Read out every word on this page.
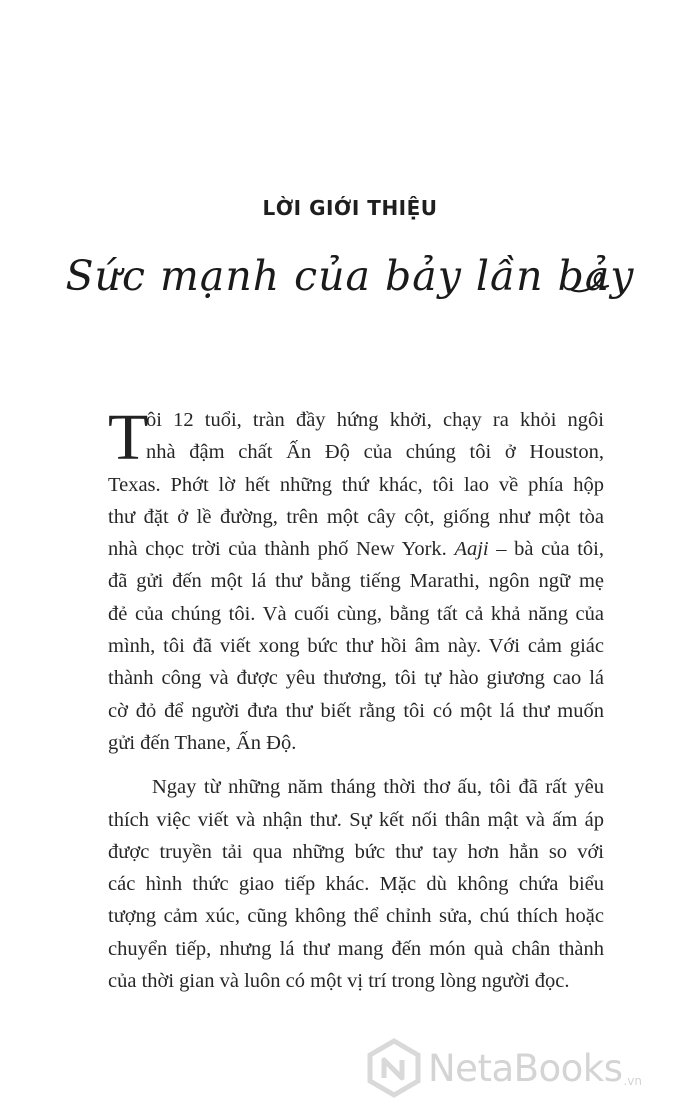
LỜI GIỚI THIỆU
Sức mạnh của bảy lần bảy

T
ôi 12 tuổi, tràn đầy hứng khởi, chạy ra khỏi ngôi
nhà đậm chất Ấn Độ của chúng tôi ở Houston,
Texas. Phớt lờ hết những thứ khác, tôi lao về phía hộp
thư đặt ở lề đường, trên một cây cột, giống như một tòa
nhà chọc trời của thành phố New York. Aaji – bà của tôi,
đã gửi đến một lá thư bằng tiếng Marathi, ngôn ngữ mẹ
đẻ của chúng tôi. Và cuối cùng, bằng tất cả khả năng của
mình, tôi đã viết xong bức thư hồi âm này. Với cảm giác
thành công và được yêu thương, tôi tự hào giương cao lá
cờ đỏ để người đưa thư biết rằng tôi có một lá thư muốn
gửi đến Thane, Ấn Độ.

Ngay từ những năm tháng thời thơ ấu, tôi đã rất yêu
thích việc viết và nhận thư. Sự kết nối thân mật và ấm áp
được truyền tải qua những bức thư tay hơn hẳn so với
các hình thức giao tiếp khác. Mặc dù không chứa biểu
tượng cảm xúc, cũng không thể chỉnh sửa, chú thích hoặc
chuyển tiếp, nhưng lá thư mang đến món quà chân thành
của thời gian và luôn có một vị trí trong lòng người đọc.

NetaBooks .vn
